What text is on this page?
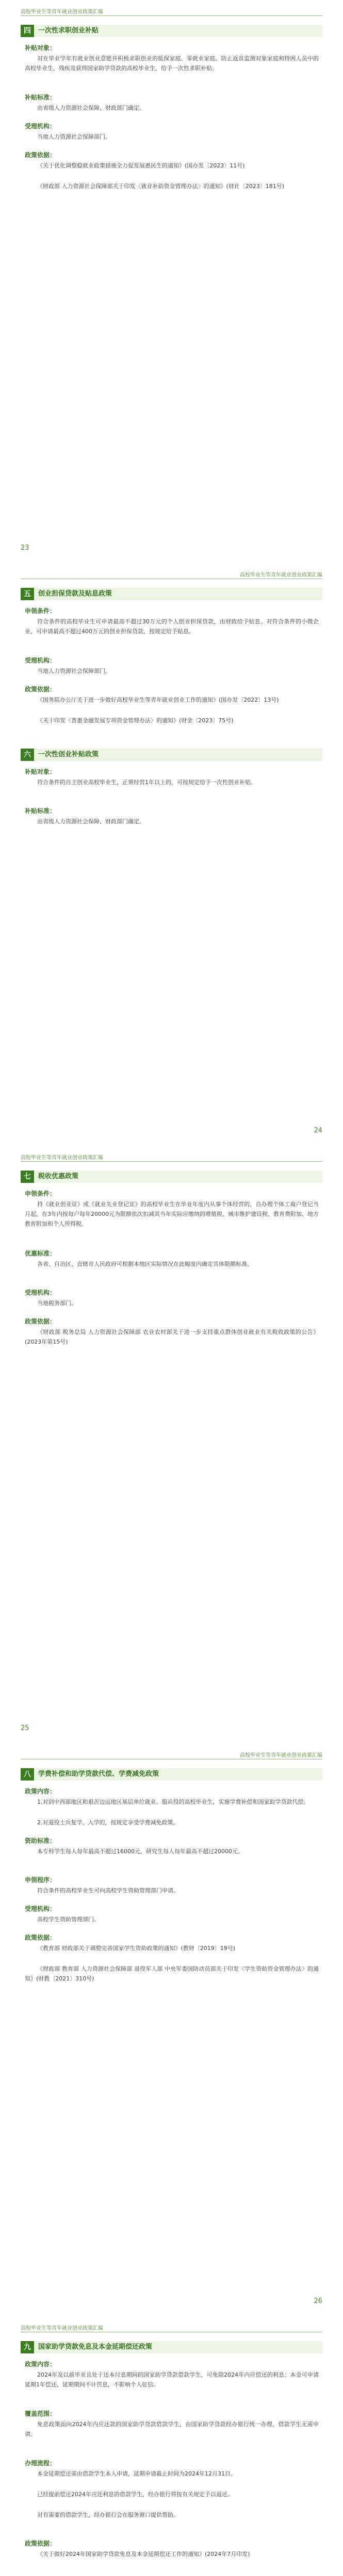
高校毕业生等青年就业创业政策汇编
四	一次性求职创业补贴
补贴对象：
对在毕业学年有就业创业意愿并积极求职创业的低保家庭、零就业家庭、防止返贫监测对象家庭和特困人员中的高校毕业生，残疾及获得国家助学贷款的高校毕业生，给予一次性求职补贴。
补贴标准：
由省级人力资源社会保障、财政部门确定。
受理机构：
当地人力资源社会保障部门。
政策依据：
《关于优化调整稳就业政策措施全力促发展惠民生的通知》(国办发〔2023〕11号)
《财政部 人力资源社会保障部关于印发〈就业补助资金管理办法〉的通知》(财社〔2023〕181号)
23
高校毕业生等青年就业创业政策汇编
五	创业担保贷款及贴息政策
申领条件：
符合条件的高校毕业生可申请最高不超过30万元的个人创业担保贷款，由财政给予贴息。对符合条件的小微企业，可申请最高不超过400万元的创业担保贷款，按规定给予贴息。
受理机构：
当地人力资源社会保障部门。
政策依据：
《国务院办公厅关于进一步做好高校毕业生等青年就业创业工作的通知》(国办发〔2022〕13号)
《关于印发〈普惠金融发展专项资金管理办法〉的通知》(财金〔2023〕75号)
六	一次性创业补贴政策
补贴对象：
符合条件的自主创业高校毕业生，正常经营1年以上的，可按规定给予一次性创业补贴。
补贴标准：
由省级人力资源社会保障、财政部门确定。
24
高校毕业生等青年就业创业政策汇编
七	税收优惠政策
申领条件：
持《就业创业证》或《就业失业登记证》的高校毕业生在毕业年度内从事个体经营的，自办理个体工商户登记当月起，在3年内按每户每年20000元为限额依次扣减其当年实际应缴纳的增值税、城市维护建设税、教育费附加、地方教育附加和个人所得税。
优惠标准：
各省、自治区、直辖市人民政府可根据本地区实际情况在此幅度内确定具体限额标准。
受理机构：
当地税务部门。
政策依据：
《财政部 税务总局 人力资源社会保障部 农业农村部关于进一步支持重点群体创业就业有关税收政策的公告》(2023年第15号)
25
高校毕业生等青年就业创业政策汇编
八	学费补偿和助学贷款代偿、学费减免政策
政策内容：
1.对到中西部地区和艰苦边远地区基层单位就业、服兵役的高校毕业生，实施学费补偿和国家助学贷款代偿。
2.对退役士兵复学、入学的，按规定享受学费减免政策。
资助标准：
本专科学生每人每年最高不超过16000元，研究生每人每年最高不超过20000元。
申领程序：
符合条件的高校毕业生可向高校学生资助管理部门申请。
受理机构：
高校学生资助管理部门。
政策依据：
《教育部 财政部关于调整完善国家学生资助政策的通知》(教财〔2019〕19号)
《财政部 教育部 人力资源社会保障部 退役军人部 中央军委国防动员部关于印发〈学生资助资金管理办法〉的通知》(财教〔2021〕310号)
26
高校毕业生等青年就业创业政策汇编
九	国家助学贷款免息及本金延期偿还政策
政策内容：
2024年及以前毕业且处于还本付息期间的国家助学贷款借款学生，可免除2024年内应偿还的利息；本金可申请延期1年偿还，延期期间不计罚息，不影响个人征信。
覆盖范围：
免息政策面向2024年内应还款的国家助学贷款借款学生，由国家助学贷款经办银行统一办理，借款学生无需申请。
办理流程：
本金延期偿还需由借款学生本人申请，延期申请截止时间为2024年12月31日。
已经提前偿还2024年应还利息的借款学生，经办银行将按有关规定予以退还。
对有需要的借款学生，经办银行会在服务窗口提供帮助。
政策依据：
《关于做好2024年国家助学贷款免息及本金延期偿还工作的通知》(2024年7月印发)
